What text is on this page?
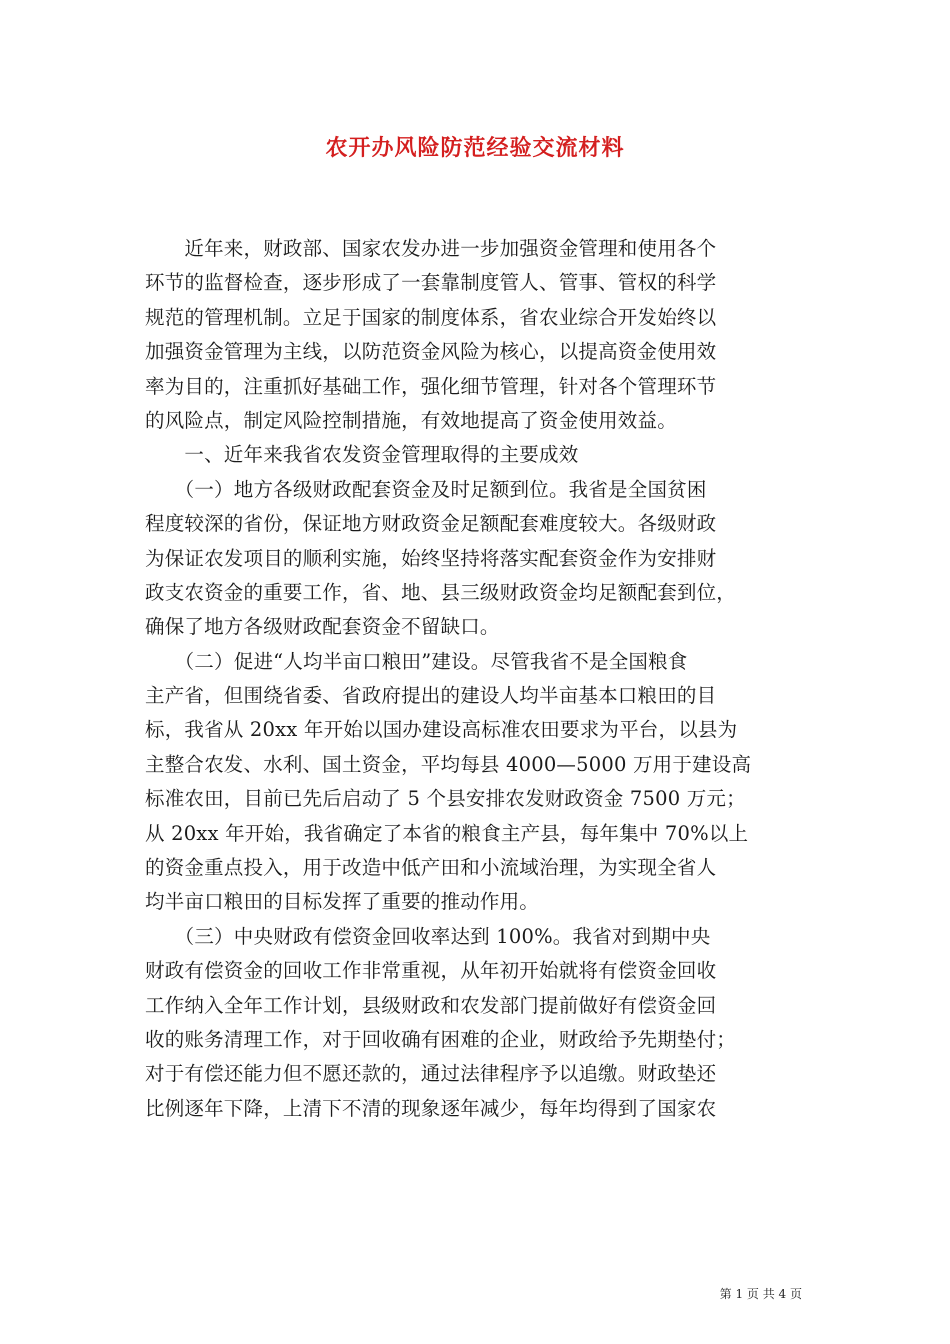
农开办风险防范经验交流材料
　　近年来，财政部、国家农发办进一步加强资金管理和使用各个
环节的监督检查，逐步形成了一套靠制度管人、管事、管权的科学
规范的管理机制。立足于国家的制度体系，省农业综合开发始终以
加强资金管理为主线，以防范资金风险为核心，以提高资金使用效
率为目的，注重抓好基础工作，强化细节管理，针对各个管理环节
的风险点，制定风险控制措施，有效地提高了资金使用效益。
　　一、近年来我省农发资金管理取得的主要成效
　　（一）地方各级财政配套资金及时足额到位。我省是全国贫困
程度较深的省份，保证地方财政资金足额配套难度较大。各级财政
为保证农发项目的顺利实施，始终坚持将落实配套资金作为安排财
政支农资金的重要工作，省、地、县三级财政资金均足额配套到位，
确保了地方各级财政配套资金不留缺口。
　　（二）促进“人均半亩口粮田”建设。尽管我省不是全国粮食
主产省，但围绕省委、省政府提出的建设人均半亩基本口粮田的目
标，我省从 20xx 年开始以国办建设高标准农田要求为平台，以县为
主整合农发、水利、国土资金，平均每县 4000—5000 万用于建设高
标准农田，目前已先后启动了 5 个县安排农发财政资金 7500 万元；
从 20xx 年开始，我省确定了本省的粮食主产县，每年集中 70%以上
的资金重点投入，用于改造中低产田和小流域治理，为实现全省人
均半亩口粮田的目标发挥了重要的推动作用。
　　（三）中央财政有偿资金回收率达到 100%。我省对到期中央
财政有偿资金的回收工作非常重视，从年初开始就将有偿资金回收
工作纳入全年工作计划，县级财政和农发部门提前做好有偿资金回
收的账务清理工作，对于回收确有困难的企业，财政给予先期垫付；
对于有偿还能力但不愿还款的，通过法律程序予以追缴。财政垫还
比例逐年下降，上清下不清的现象逐年减少，每年均得到了国家农
第 1 页 共 4 页
